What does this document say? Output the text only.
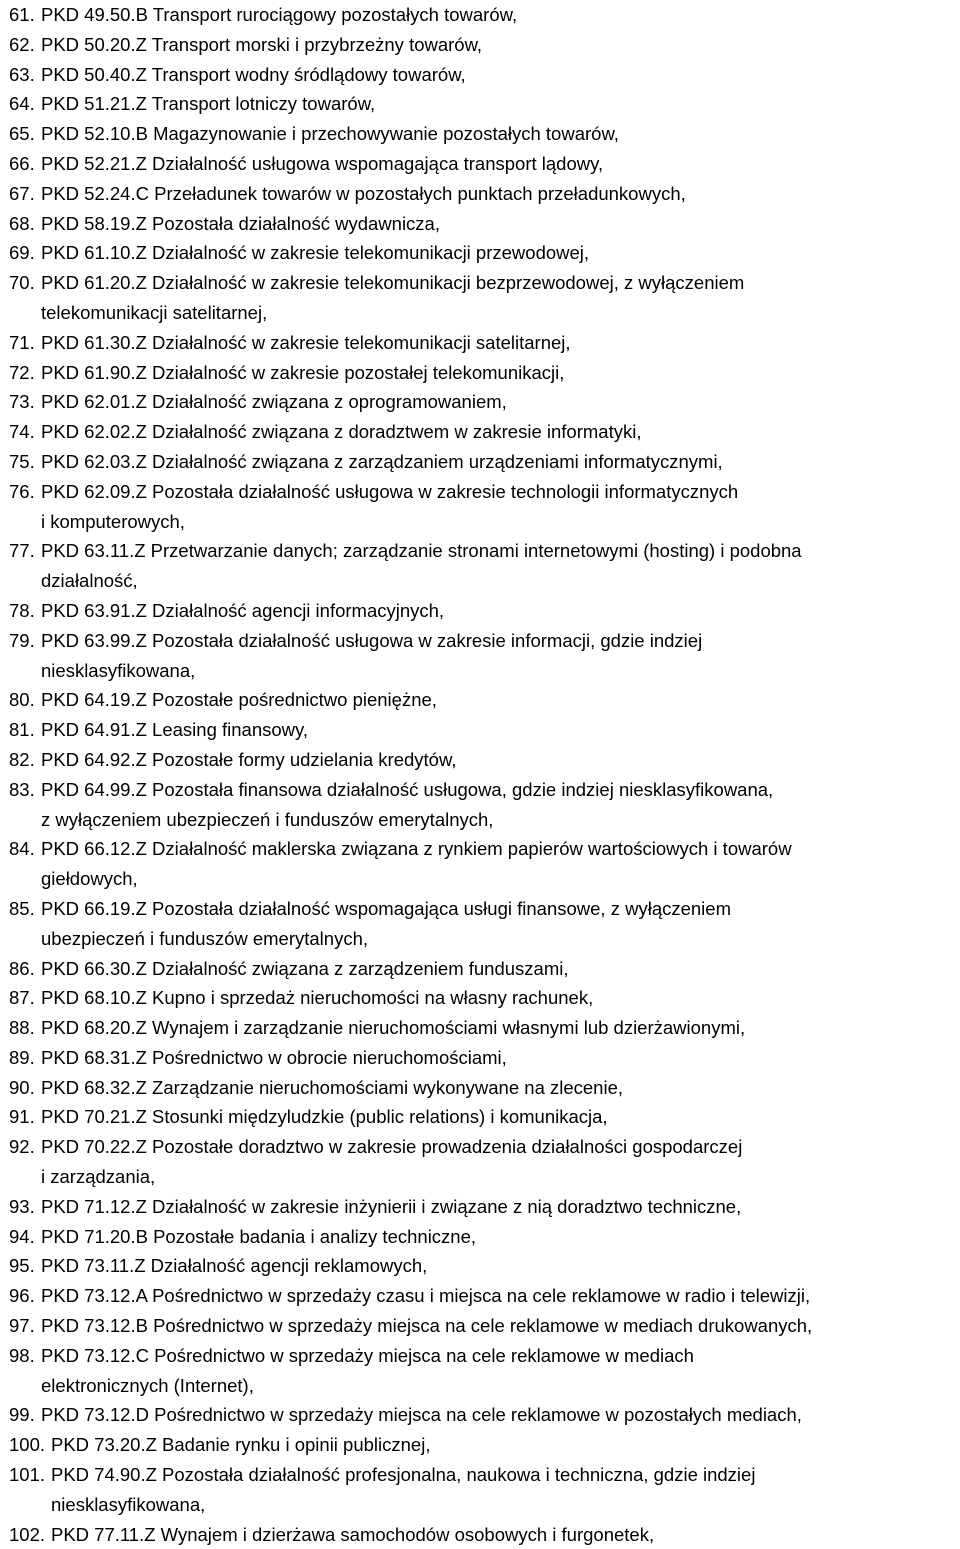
61. PKD 49.50.B Transport rurociągowy pozostałych towarów,
62. PKD 50.20.Z Transport morski i przybrzeżny towarów,
63. PKD 50.40.Z Transport wodny śródlądowy towarów,
64. PKD 51.21.Z Transport lotniczy towarów,
65. PKD 52.10.B Magazynowanie i przechowywanie pozostałych towarów,
66. PKD 52.21.Z Działalność usługowa wspomagająca transport lądowy,
67. PKD 52.24.C Przeładunek towarów w pozostałych punktach przeładunkowych,
68. PKD 58.19.Z Pozostała działalność wydawnicza,
69. PKD 61.10.Z Działalność w zakresie telekomunikacji przewodowej,
70. PKD 61.20.Z Działalność w zakresie telekomunikacji bezprzewodowej, z wyłączeniem
telekomunikacji satelitarnej,
71. PKD 61.30.Z Działalność w zakresie telekomunikacji satelitarnej,
72. PKD 61.90.Z Działalność w zakresie pozostałej telekomunikacji,
73. PKD 62.01.Z Działalność związana z oprogramowaniem,
74. PKD 62.02.Z Działalność związana z doradztwem w zakresie informatyki,
75. PKD 62.03.Z Działalność związana z zarządzaniem urządzeniami informatycznymi,
76. PKD 62.09.Z Pozostała działalność usługowa w zakresie technologii informatycznych
i komputerowych,
77. PKD 63.11.Z Przetwarzanie danych; zarządzanie stronami internetowymi (hosting) i podobna
działalność,
78. PKD 63.91.Z Działalność agencji informacyjnych,
79. PKD 63.99.Z Pozostała działalność usługowa w zakresie informacji, gdzie indziej
niesklasyfikowana,
80. PKD 64.19.Z Pozostałe pośrednictwo pieniężne,
81. PKD 64.91.Z Leasing finansowy,
82. PKD 64.92.Z Pozostałe formy udzielania kredytów,
83. PKD 64.99.Z Pozostała finansowa działalność usługowa, gdzie indziej niesklasyfikowana,
z wyłączeniem ubezpieczeń i funduszów emerytalnych,
84. PKD 66.12.Z Działalność maklerska związana z rynkiem papierów wartościowych i towarów
giełdowych,
85. PKD 66.19.Z Pozostała działalność wspomagająca usługi finansowe, z wyłączeniem
ubezpieczeń i funduszów emerytalnych,
86. PKD 66.30.Z Działalność związana z zarządzeniem funduszami,
87. PKD 68.10.Z Kupno i sprzedaż nieruchomości na własny rachunek,
88. PKD 68.20.Z Wynajem i zarządzanie nieruchomościami własnymi lub dzierżawionymi,
89. PKD 68.31.Z Pośrednictwo w obrocie nieruchomościami,
90. PKD 68.32.Z Zarządzanie nieruchomościami wykonywane na zlecenie,
91. PKD 70.21.Z Stosunki międzyludzkie (public relations) i komunikacja,
92. PKD 70.22.Z Pozostałe doradztwo w zakresie prowadzenia działalności gospodarczej
i zarządzania,
93. PKD 71.12.Z Działalność w zakresie inżynierii i związane z nią doradztwo techniczne,
94. PKD 71.20.B Pozostałe badania i analizy techniczne,
95. PKD 73.11.Z Działalność agencji reklamowych,
96. PKD 73.12.A Pośrednictwo w sprzedaży czasu i miejsca na cele reklamowe w radio i telewizji,
97. PKD 73.12.B Pośrednictwo w sprzedaży miejsca na cele reklamowe w mediach drukowanych,
98. PKD 73.12.C Pośrednictwo w sprzedaży miejsca na cele reklamowe w mediach
elektronicznych (Internet),
99. PKD 73.12.D Pośrednictwo w sprzedaży miejsca na cele reklamowe w pozostałych mediach,
100. PKD 73.20.Z Badanie rynku i opinii publicznej,
101. PKD 74.90.Z Pozostała działalność profesjonalna, naukowa i techniczna, gdzie indziej
niesklasyfikowana,
102. PKD 77.11.Z Wynajem i dzierżawa samochodów osobowych i furgonetek,
